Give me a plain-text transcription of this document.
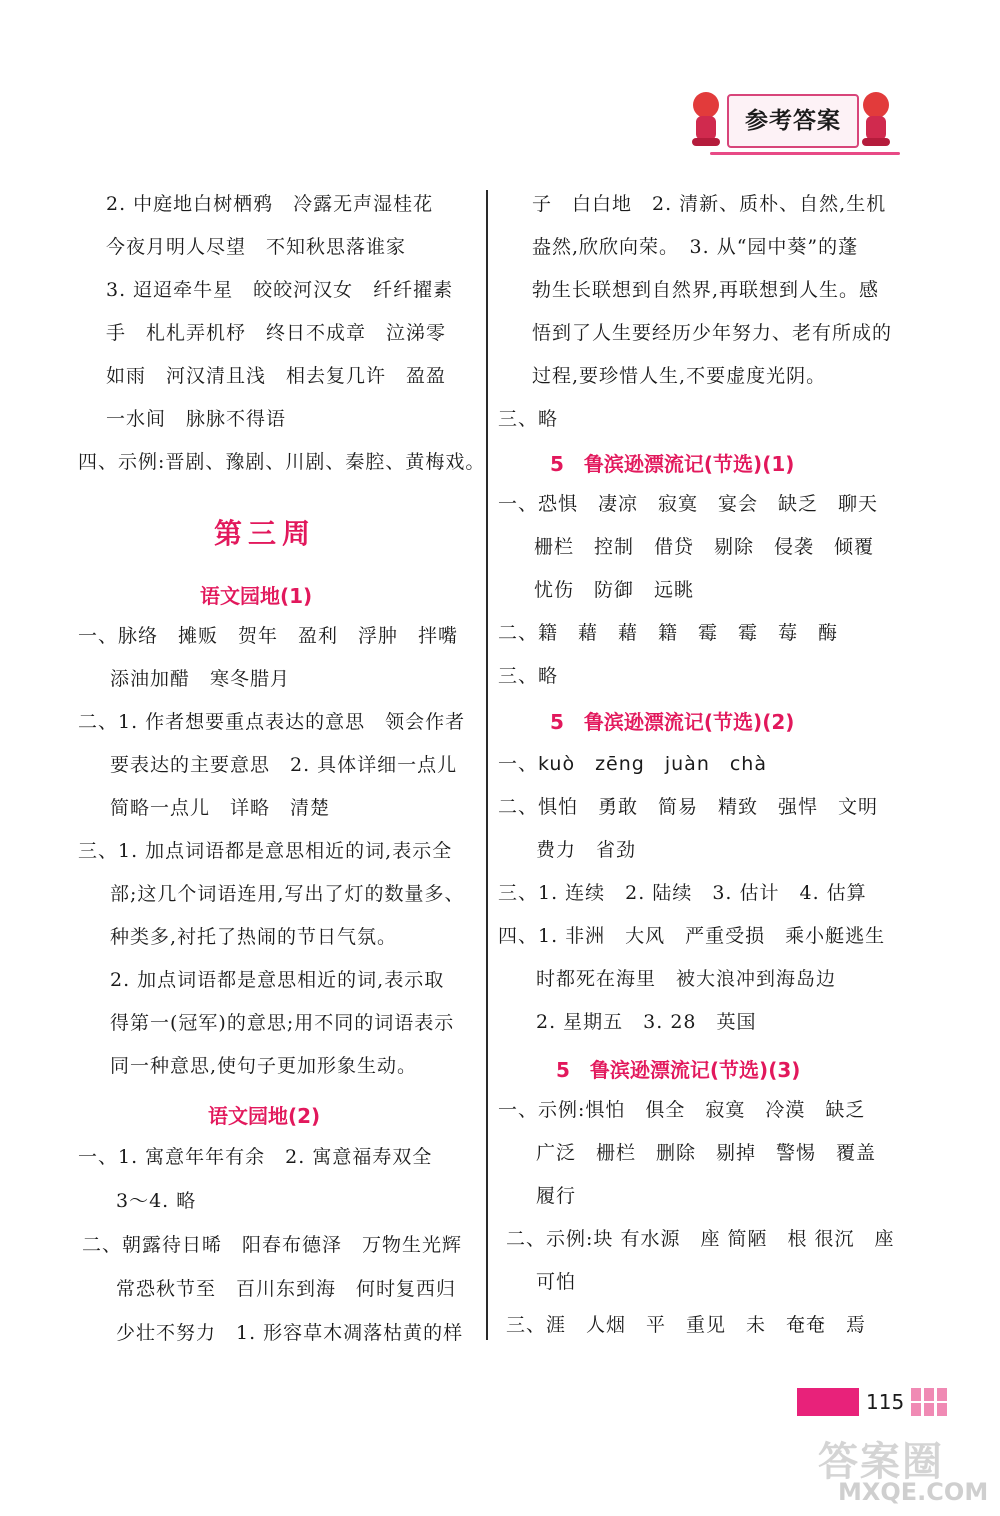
参考答案
2. 中庭地白树栖鸦　冷露无声湿桂花
今夜月明人尽望　不知秋思落谁家
3. 迢迢牵牛星　皎皎河汉女　纤纤擢素
手　札札弄机杼　终日不成章　泣涕零
如雨　河汉清且浅　相去复几许　盈盈
一水间　脉脉不得语
四、示例:晋剧、豫剧、川剧、秦腔、黄梅戏。
第三周
语文园地(1)
一、脉络　摊贩　贺年　盈利　浮肿　拌嘴
添油加醋　寒冬腊月
二、1. 作者想要重点表达的意思　领会作者
要表达的主要意思　2. 具体详细一点儿
简略一点儿　详略　清楚
三、1. 加点词语都是意思相近的词,表示全
部;这几个词语连用,写出了灯的数量多、
种类多,衬托了热闹的节日气氛。
2. 加点词语都是意思相近的词,表示取
得第一(冠军)的意思;用不同的词语表示
同一种意思,使句子更加形象生动。
语文园地(2)
一、1. 寓意年年有余　2. 寓意福寿双全
3～4. 略
二、朝露待日晞　阳春布德泽　万物生光辉
常恐秋节至　百川东到海　何时复西归
少壮不努力　1. 形容草木凋落枯黄的样
子　白白地　2. 清新、质朴、自然,生机
盎然,欣欣向荣。　3. 从“园中葵”的蓬
勃生长联想到自然界,再联想到人生。感
悟到了人生要经历少年努力、老有所成的
过程,要珍惜人生,不要虚度光阴。
三、略
5　鲁滨逊漂流记(节选)(1)
一、恐惧　凄凉　寂寞　宴会　缺乏　聊天
栅栏　控制　借贷　剔除　侵袭　倾覆
忧伤　防御　远眺
二、籍　藉　藉　籍　霉　霉　莓　酶
三、略
5　鲁滨逊漂流记(节选)(2)
一、kuò　zēng　juàn　chà
二、惧怕　勇敢　简易　精致　强悍　文明
费力　省劲
三、1. 连续　2. 陆续　3. 估计　4. 估算
四、1. 非洲　大风　严重受损　乘小艇逃生
时都死在海里　被大浪冲到海岛边
2. 星期五　3. 28　英国
5　鲁滨逊漂流记(节选)(3)
一、示例:惧怕　俱全　寂寞　冷漠　缺乏
广泛　栅栏　删除　剔掉　警惕　覆盖
履行
二、示例:块 有水源　座 简陋　根 很沉　座
可怕
三、涯　人烟　平　重见　未　奄奄　焉
115
答案圈
MXQE.COM
